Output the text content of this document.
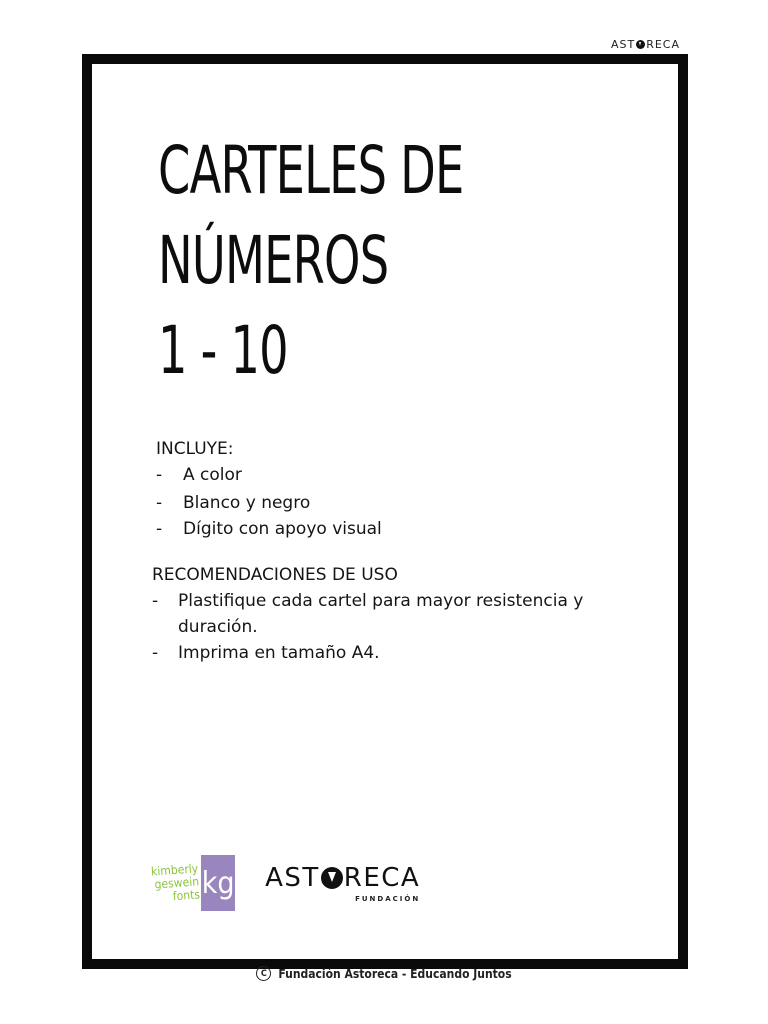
AST RECA
CARTELES DE
NÚMEROS
1 - 10

INCLUYE:

-	A color
-	Blanco y negro
-	Dígito con apoyo visual

RECOMENDACIONES DE USO

-	Plastifique cada cartel para mayor resistencia y duración.
-	Imprima en tamaño A4.
kimberly
geswein
fonts kg AST RECA
FUNDACIÓN
C Fundación Astoreca - Educando Juntos
